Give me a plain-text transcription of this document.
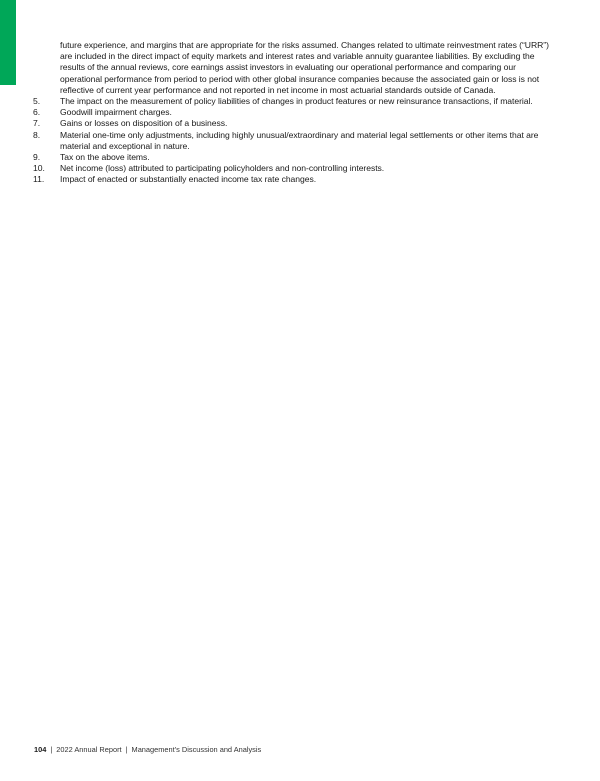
future experience, and margins that are appropriate for the risks assumed. Changes related to ultimate reinvestment rates (“URR”) are included in the direct impact of equity markets and interest rates and variable annuity guarantee liabilities. By excluding the results of the annual reviews, core earnings assist investors in evaluating our operational performance and comparing our operational performance from period to period with other global insurance companies because the associated gain or loss is not reflective of current year performance and not reported in net income in most actuarial standards outside of Canada.

5.	The impact on the measurement of policy liabilities of changes in product features or new reinsurance transactions, if material.
6.	Goodwill impairment charges.
7.	Gains or losses on disposition of a business.
8.	Material one-time only adjustments, including highly unusual/extraordinary and material legal settlements or other items that are material and exceptional in nature.
9.	Tax on the above items.
10.	Net income (loss) attributed to participating policyholders and non-controlling interests.
11.	Impact of enacted or substantially enacted income tax rate changes.
104 | 2022 Annual Report | Management’s Discussion and Analysis
